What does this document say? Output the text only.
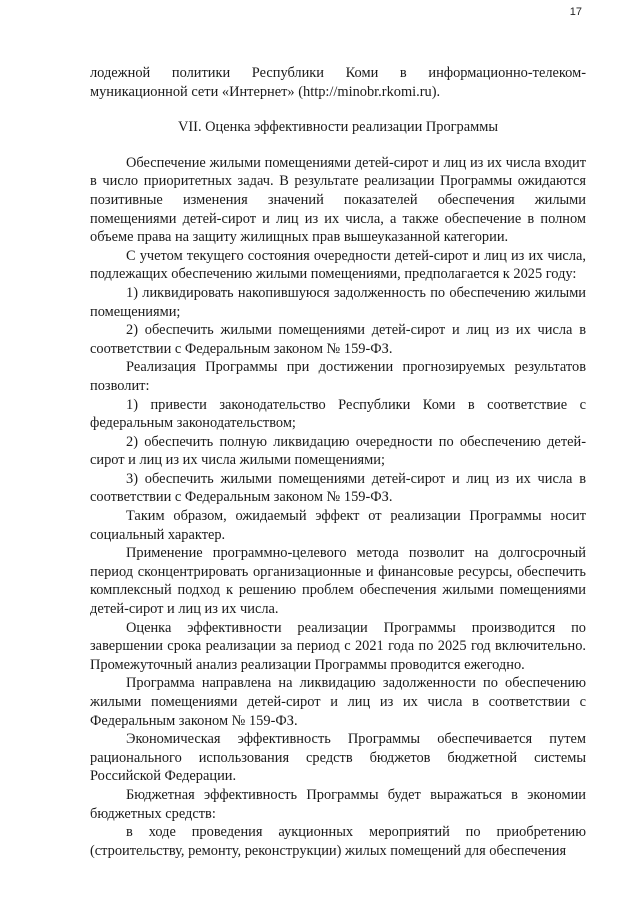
17

лодежной политики Республики Коми в информационно-телеком-муникационной сети «Интернет» (http://minobr.rkomi.ru).

VII. Оценка эффективности реализации Программы

Обеспечение жилыми помещениями детей-сирот и лиц из их числа входит в число приоритетных задач. В результате реализации Программы ожидаются позитивные изменения значений показателей обеспечения жилыми помещениями детей-сирот и лиц из их числа, а также обеспечение в полном объеме права на защиту жилищных прав вышеуказанной категории.

С учетом текущего состояния очередности детей-сирот и лиц из их числа, подлежащих обеспечению жилыми помещениями, предполагается к 2025 году:

1) ликвидировать накопившуюся задолженность по обеспечению жилыми помещениями;

2) обеспечить жилыми помещениями детей-сирот и лиц из их числа в соответствии с Федеральным законом № 159-ФЗ.

Реализация Программы при достижении прогнозируемых результатов позволит:

1) привести законодательство Республики Коми в соответствие с федеральным законодательством;

2) обеспечить полную ликвидацию очередности по обеспечению детей-сирот и лиц из их числа жилыми помещениями;

3) обеспечить жилыми помещениями детей-сирот и лиц из их числа в соответствии с Федеральным законом № 159-ФЗ.

Таким образом, ожидаемый эффект от реализации Программы носит социальный характер.

Применение программно-целевого метода позволит на долгосрочный период сконцентрировать организационные и финансовые ресурсы, обеспечить комплексный подход к решению проблем обеспечения жилыми помещениями детей-сирот и лиц из их числа.

Оценка эффективности реализации Программы производится по завершении срока реализации за период с 2021 года по 2025 год включительно. Промежуточный анализ реализации Программы проводится ежегодно.

Программа направлена на ликвидацию задолженности по обеспечению жилыми помещениями детей-сирот и лиц из их числа в соответствии с Федеральным законом № 159-ФЗ.

Экономическая эффективность Программы обеспечивается путем рационального использования средств бюджетов бюджетной системы Российской Федерации.

Бюджетная эффективность Программы будет выражаться в экономии бюджетных средств:

в ходе проведения аукционных мероприятий по приобретению (строительству, ремонту, реконструкции) жилых помещений для обеспечения
